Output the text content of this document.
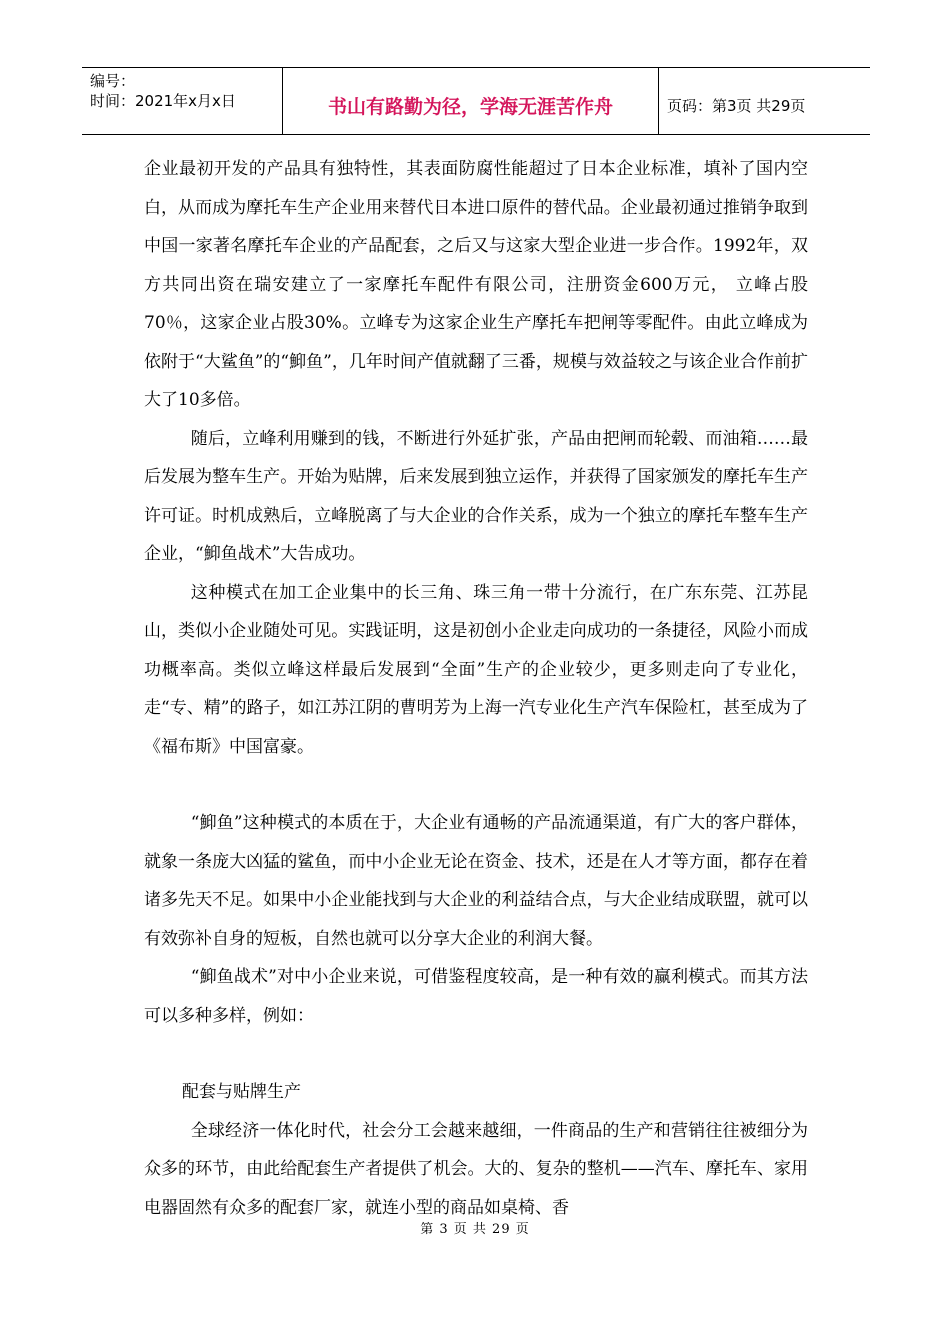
编号：
时间：2021年x月x日	书山有路勤为径，学海无涯苦作舟	页码：第3页 共29页

企业最初开发的产品具有独特性，其表面防腐性能超过了日本企业标准，填补了国内空白，从而成为摩托车生产企业用来替代日本进口原件的替代品。企业最初通过推销争取到中国一家著名摩托车企业的产品配套，之后又与这家大型企业进一步合作。1992年，双方共同出资在瑞安建立了一家摩托车配件有限公司，注册资金600万元， 立峰占股70％，这家企业占股30%。立峰专为这家企业生产摩托车把闸等零配件。由此立峰成为依附于“大鲨鱼”的“鮣鱼”，几年时间产值就翻了三番，规模与效益较之与该企业合作前扩大了10多倍。

随后，立峰利用赚到的钱，不断进行外延扩张，产品由把闸而轮毂、而油箱……最后发展为整车生产。开始为贴牌，后来发展到独立运作，并获得了国家颁发的摩托车生产许可证。时机成熟后，立峰脱离了与大企业的合作关系，成为一个独立的摩托车整车生产企业，“鮣鱼战术”大告成功。

这种模式在加工企业集中的长三角、珠三角一带十分流行，在广东东莞、江苏昆山，类似小企业随处可见。实践证明，这是初创小企业走向成功的一条捷径，风险小而成功概率高。类似立峰这样最后发展到“全面”生产的企业较少，更多则走向了专业化，走“专、精”的路子，如江苏江阴的曹明芳为上海一汽专业化生产汽车保险杠，甚至成为了《福布斯》中国富豪。

“鮣鱼”这种模式的本质在于，大企业有通畅的产品流通渠道，有广大的客户群体，就象一条庞大凶猛的鲨鱼，而中小企业无论在资金、技术，还是在人才等方面，都存在着诸多先天不足。如果中小企业能找到与大企业的利益结合点，与大企业结成联盟，就可以有效弥补自身的短板，自然也就可以分享大企业的利润大餐。

“鮣鱼战术”对中小企业来说，可借鉴程度较高，是一种有效的赢利模式。而其方法可以多种多样，例如：

配套与贴牌生产

全球经济一体化时代，社会分工会越来越细，一件商品的生产和营销往往被细分为众多的环节，由此给配套生产者提供了机会。大的、复杂的整机——汽车、摩托车、家用电器固然有众多的配套厂家，就连小型的商品如桌椅、香

第 3 页 共 29 页
